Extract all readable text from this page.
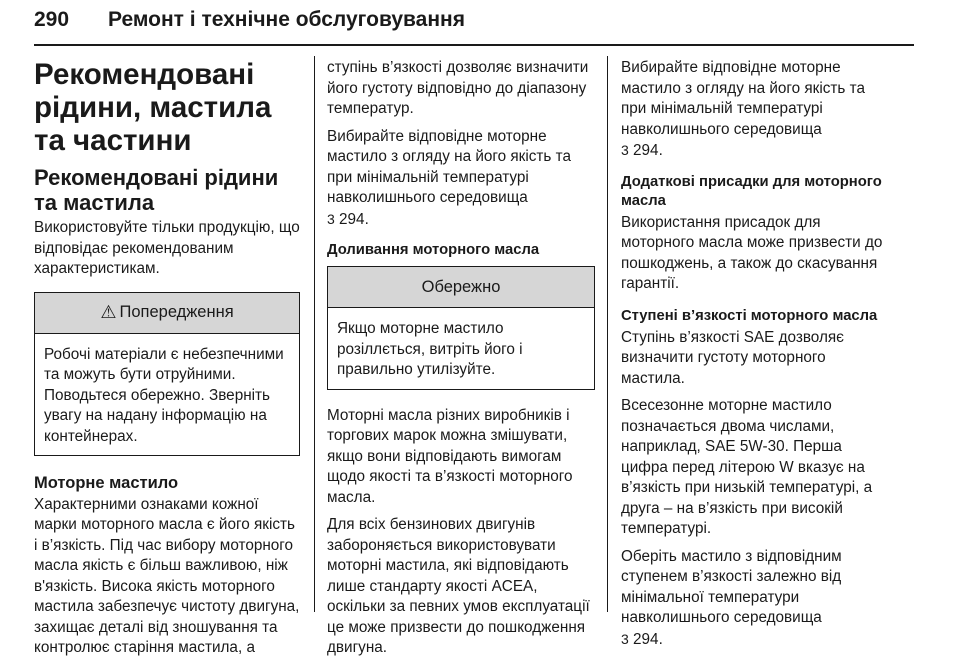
290 Ремонт і технічне обслуговування
Рекомендовані рідини, мастила та частини
Рекомендовані рідини та мастила

Використовуйте тільки продукцію, що відповідає рекомендованим характеристикам.

⚠ Попередження

Робочі матеріали є небезпечними та можуть бути отруйними. Поводьтеся обережно. Зверніть увагу на надану інформацію на контейнерах.

Моторне мастило

Характерними ознаками кожної марки моторного масла є його якість і в’язкість. Під час вибору моторного масла якість є більш важливою, ніж в'язкість. Висока якість моторного мастила забезпечує чистоту двигуна, захищає деталі від зношування та контролює старіння мастила, а

ступінь в’язкості дозволяє визначити його густоту відповідно до діапазону температур.

Вибирайте відповідне моторне мастило з огляду на його якість та при мінімальній температурі навколишнього середовища
3 294.

Доливання моторного масла
Обережно

Якщо моторне мастило розіллється, витріть його і правильно утилізуйте.

Моторні масла різних виробників і торгових марок можна змішувати, якщо вони відповідають вимогам щодо якості та в’язкості моторного масла.

Для всіх бензинових двигунів забороняється використовувати моторні мастила, які відповідають лише стандарту якості ACEA, оскільки за певних умов експлуатації це може призвести до пошкодження двигуна.

Вибирайте відповідне моторне мастило з огляду на його якість та при мінімальній температурі навколишнього середовища
3 294.

Додаткові присадки для моторного масла

Використання присадок для моторного масла може призвести до пошкоджень, а також до скасування гарантії.

Ступені в’язкості моторного масла

Ступінь в’язкості SAE дозволяє визначити густоту моторного мастила.

Всесезонне моторне мастило позначається двома числами, наприклад, SAE 5W-30. Перша цифра перед літерою W вказує на в’язкість при низькій температурі, а друга – на в’язкість при високій температурі.

Оберіть мастило з відповідним ступенем в’язкості залежно від мінімальної температури навколишнього середовища
3 294.
